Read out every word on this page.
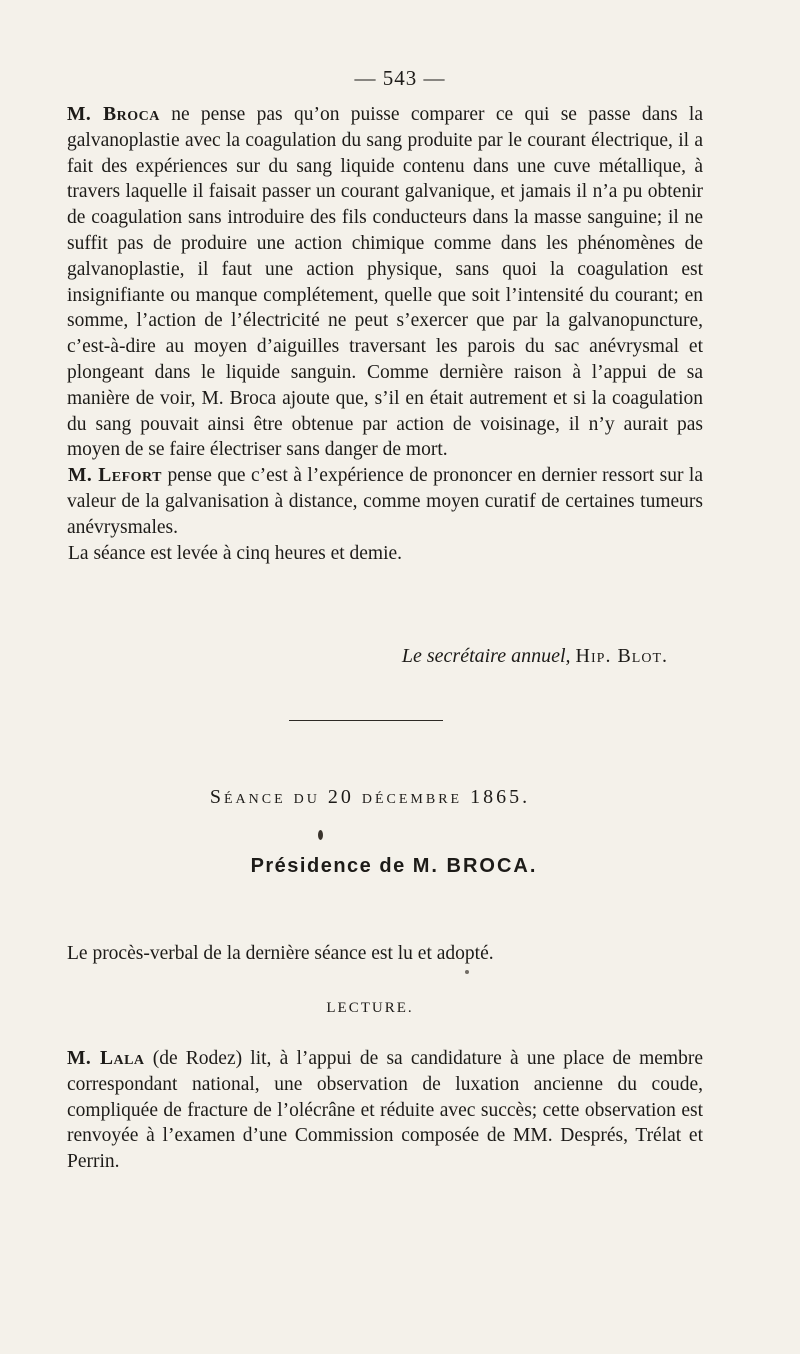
— 543 —

M. Broca ne pense pas qu’on puisse comparer ce qui se passe dans la galvanoplastie avec la coagulation du sang produite par le courant électrique, il a fait des expériences sur du sang liquide contenu dans une cuve métallique, à travers laquelle il faisait passer un courant galvanique, et jamais il n’a pu obtenir de coagulation sans introduire des fils conducteurs dans la masse sanguine; il ne suffit pas de produire une action chimique comme dans les phénomènes de galvanoplastie, il faut une action physique, sans quoi la coagulation est insignifiante ou manque complétement, quelle que soit l’intensité du courant; en somme, l’action de l’électricité ne peut s’exercer que par la galvanopuncture, c’est-à-dire au moyen d’aiguilles traversant les parois du sac anévrysmal et plongeant dans le liquide sanguin. Comme dernière raison à l’appui de sa manière de voir, M. Broca ajoute que, s’il en était autrement et si la coagulation du sang pouvait ainsi être obtenue par action de voisinage, il n’y aurait pas moyen de se faire électriser sans danger de mort.

M. Lefort pense que c’est à l’expérience de prononcer en dernier ressort sur la valeur de la galvanisation à distance, comme moyen curatif de certaines tumeurs anévrysmales.

La séance est levée à cinq heures et demie.

Le secrétaire annuel, Hip. Blot.
Séance du 20 décembre 1865.
Présidence de M. BROCA.

Le procès-verbal de la dernière séance est lu et adopté.

LECTURE.

M. Lala (de Rodez) lit, à l’appui de sa candidature à une place de membre correspondant national, une observation de luxation ancienne du coude, compliquée de fracture de l’olécrâne et réduite avec succès; cette observation est renvoyée à l’examen d’une Commission composée de MM. Després, Trélat et Perrin.
